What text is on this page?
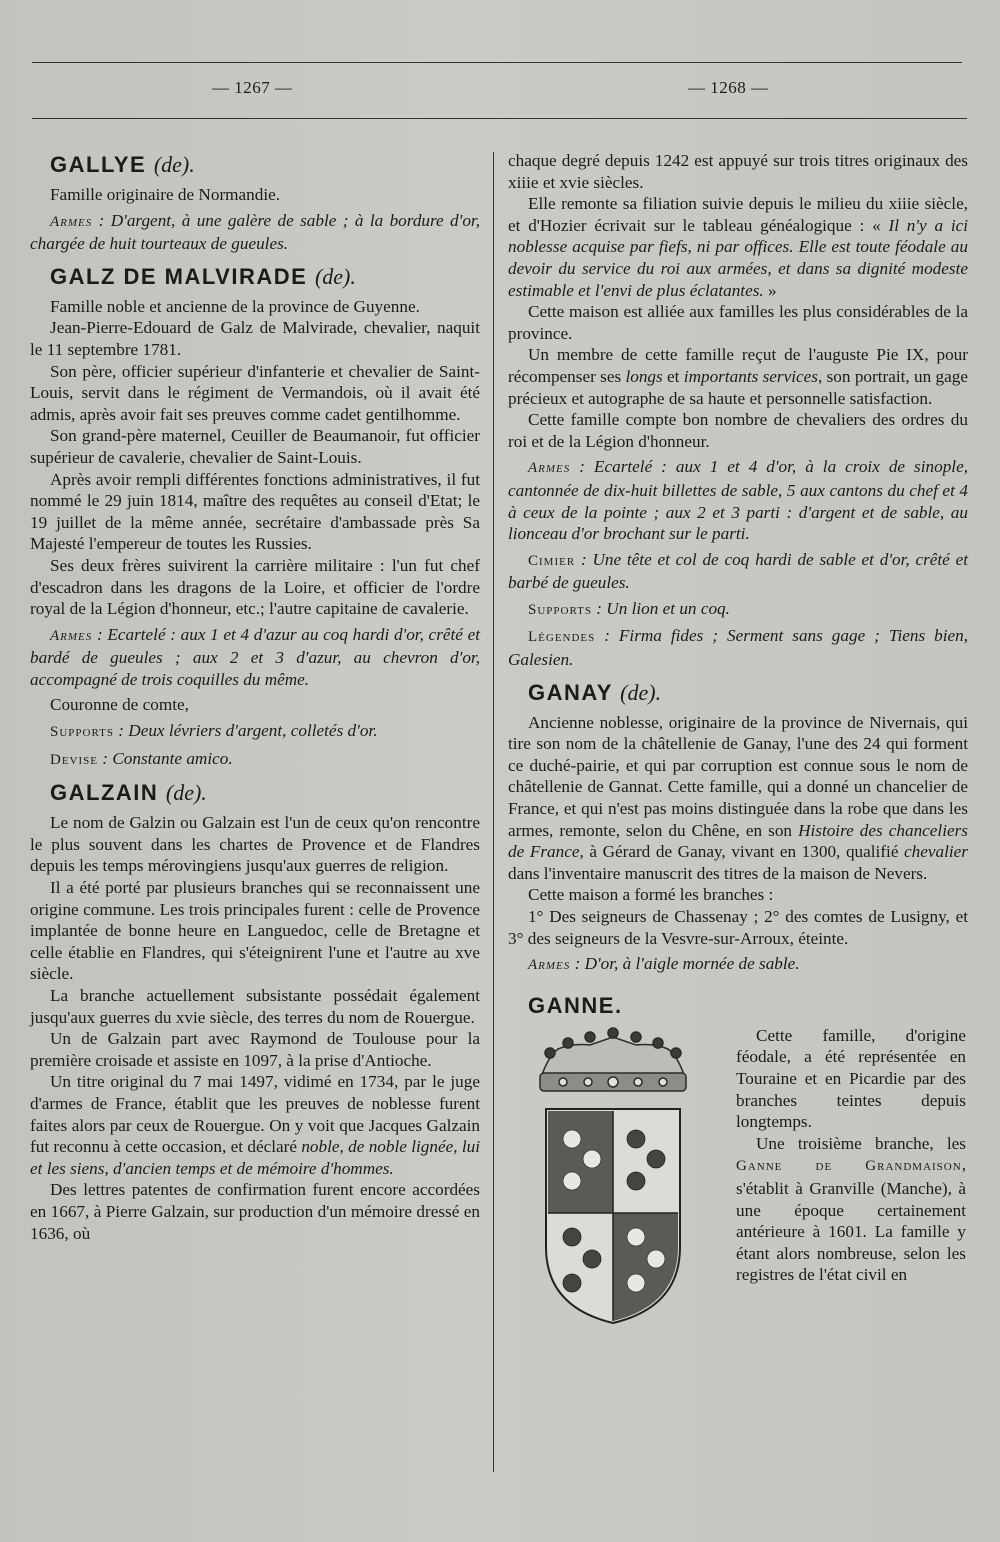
— 1267 —	— 1268 —
GALLYE (de).

Famille originaire de Normandie.

Armes : D'argent, à une galère de sable ; à la bordure d'or, chargée de huit tourteaux de gueules.

GALZ DE MALVIRADE (de).

Famille noble et ancienne de la province de Guyenne.

Jean-Pierre-Edouard de Galz de Malvirade, chevalier, naquit le 11 septembre 1781.

Son père, officier supérieur d'infanterie et chevalier de Saint-Louis, servit dans le régiment de Vermandois, où il avait été admis, après avoir fait ses preuves comme cadet gentilhomme.

Son grand-père maternel, Ceuiller de Beaumanoir, fut officier supérieur de cavalerie, chevalier de Saint-Louis.

Après avoir rempli différentes fonctions administratives, il fut nommé le 29 juin 1814, maître des requêtes au conseil d'Etat; le 19 juillet de la même année, secrétaire d'ambassade près Sa Majesté l'empereur de toutes les Russies.

Ses deux frères suivirent la carrière militaire : l'un fut chef d'escadron dans les dragons de la Loire, et officier de l'ordre royal de la Légion d'honneur, etc.; l'autre capitaine de cavalerie.

Armes : Ecartelé : aux 1 et 4 d'azur au coq hardi d'or, crêté et bardé de gueules ; aux 2 et 3 d'azur, au chevron d'or, accompagné de trois coquilles du même.

Couronne de comte,

Supports : Deux lévriers d'argent, colletés d'or.

Devise : Constante amico.

GALZAIN (de).

Le nom de Galzin ou Galzain est l'un de ceux qu'on rencontre le plus souvent dans les chartes de Provence et de Flandres depuis les temps mérovingiens jusqu'aux guerres de religion.

Il a été porté par plusieurs branches qui se reconnaissent une origine commune. Les trois principales furent : celle de Provence implantée de bonne heure en Languedoc, celle de Bretagne et celle établie en Flandres, qui s'éteignirent l'une et l'autre au xve siècle.

La branche actuellement subsistante possédait également jusqu'aux guerres du xvie siècle, des terres du nom de Rouergue.

Un de Galzain part avec Raymond de Toulouse pour la première croisade et assiste en 1097, à la prise d'Antioche.

Un titre original du 7 mai 1497, vidimé en 1734, par le juge d'armes de France, établit que les preuves de noblesse furent faites alors par ceux de Rouergue. On y voit que Jacques Galzain fut reconnu à cette occasion, et déclaré noble, de noble lignée, lui et les siens, d'ancien temps et de mémoire d'hommes.

Des lettres patentes de confirmation furent encore accordées en 1667, à Pierre Galzain, sur production d'un mémoire dressé en 1636, où

chaque degré depuis 1242 est appuyé sur trois titres originaux des xiiie et xvie siècles.

Elle remonte sa filiation suivie depuis le milieu du xiiie siècle, et d'Hozier écrivait sur le tableau généalogique : « Il n'y a ici noblesse acquise par fiefs, ni par offices. Elle est toute féodale au devoir du service du roi aux armées, et dans sa dignité modeste estimable et l'envi de plus éclatantes. »

Cette maison est alliée aux familles les plus considérables de la province.

Un membre de cette famille reçut de l'auguste Pie IX, pour récompenser ses longs et importants services, son portrait, un gage précieux et autographe de sa haute et personnelle satisfaction.

Cette famille compte bon nombre de chevaliers des ordres du roi et de la Légion d'honneur.

Armes : Ecartelé : aux 1 et 4 d'or, à la croix de sinople, cantonnée de dix-huit billettes de sable, 5 aux cantons du chef et 4 à ceux de la pointe ; aux 2 et 3 parti : d'argent et de sable, au lionceau d'or brochant sur le parti.

Cimier : Une tête et col de coq hardi de sable et d'or, crêté et barbé de gueules.

Supports : Un lion et un coq.

Légendes : Firma fides ; Serment sans gage ; Tiens bien, Galesien.

GANAY (de).

Ancienne noblesse, originaire de la province de Nivernais, qui tire son nom de la châtellenie de Ganay, l'une des 24 qui forment ce duché-pairie, et qui par corruption est connue sous le nom de châtellenie de Gannat. Cette famille, qui a donné un chancelier de France, et qui n'est pas moins distinguée dans la robe que dans les armes, remonte, selon du Chêne, en son Histoire des chanceliers de France, à Gérard de Ganay, vivant en 1300, qualifié chevalier dans l'inventaire manuscrit des titres de la maison de Nevers.

Cette maison a formé les branches :

1° Des seigneurs de Chassenay ; 2° des comtes de Lusigny, et 3° des seigneurs de la Vesvre-sur-Arroux, éteinte.

Armes : D'or, à l'aigle mornée de sable.

GANNE.

Cette famille, d'origine féodale, a été représentée en Touraine et en Picardie par des branches teintes depuis longtemps.

Une troisième branche, les Ganne de Grandmaison, s'établit à Granville (Manche), à une époque certainement antérieure à 1601. La famille y étant alors nombreuse, selon les registres de l'état civil en
